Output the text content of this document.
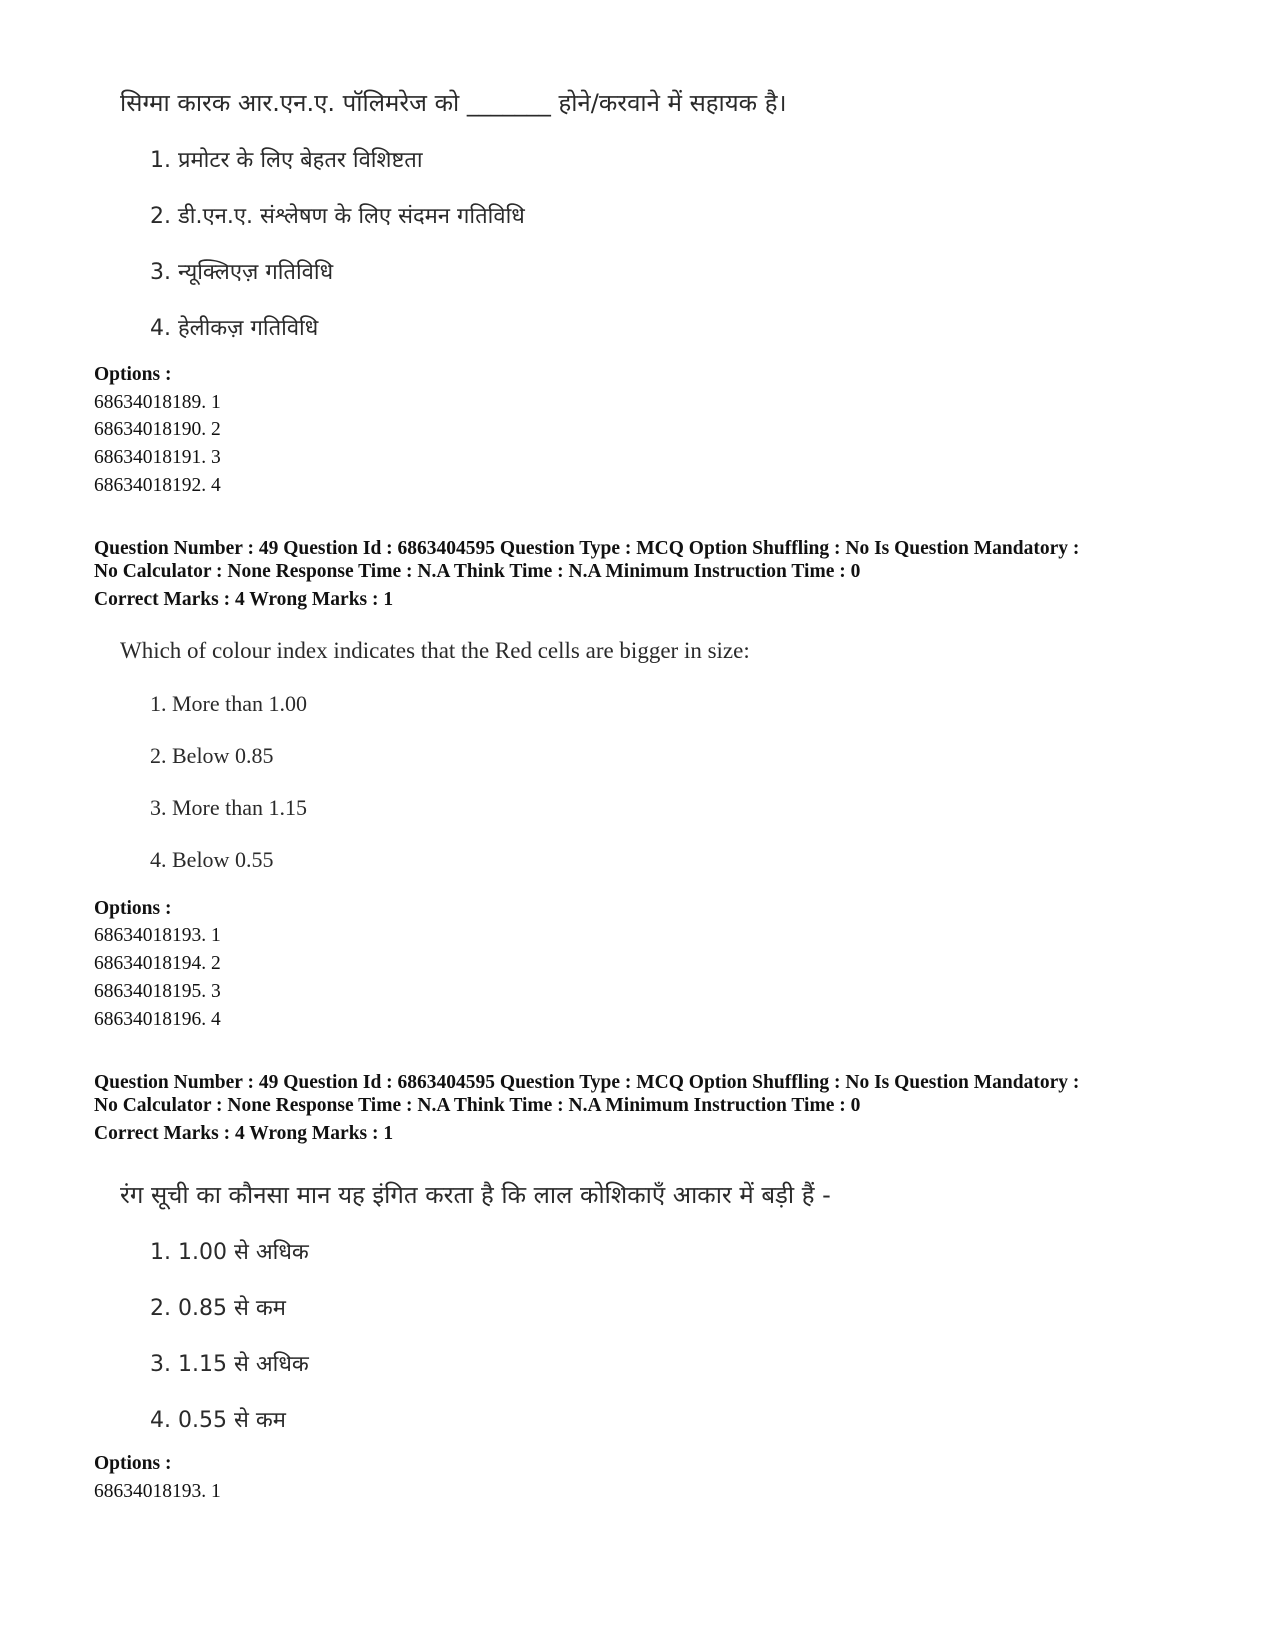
सिग्मा कारक आर.एन.ए. पॉलिमरेज को _______ होने/करवाने में सहायक है।
1. प्रमोटर के लिए बेहतर विशिष्टता
2. डी.एन.ए. संश्लेषण के लिए संदमन गतिविधि
3. न्यूक्लिएज़ गतिविधि
4. हेलीकज़ गतिविधि
Options :
68634018189. 1
68634018190. 2
68634018191. 3
68634018192. 4
Question Number : 49 Question Id : 6863404595 Question Type : MCQ Option Shuffling : No Is Question Mandatory :
No Calculator : None Response Time : N.A Think Time : N.A Minimum Instruction Time : 0
Correct Marks : 4 Wrong Marks : 1
Which of colour index indicates that the Red cells are bigger in size:
1. More than 1.00
2. Below 0.85
3. More than 1.15
4. Below 0.55
Options :
68634018193. 1
68634018194. 2
68634018195. 3
68634018196. 4
Question Number : 49 Question Id : 6863404595 Question Type : MCQ Option Shuffling : No Is Question Mandatory :
No Calculator : None Response Time : N.A Think Time : N.A Minimum Instruction Time : 0
Correct Marks : 4 Wrong Marks : 1
रंग सूची का कौनसा मान यह इंगित करता है कि लाल कोशिकाएँ आकार में बड़ी हैं -
1. 1.00 से अधिक
2. 0.85 से कम
3. 1.15 से अधिक
4. 0.55 से कम
Options :
68634018193. 1
